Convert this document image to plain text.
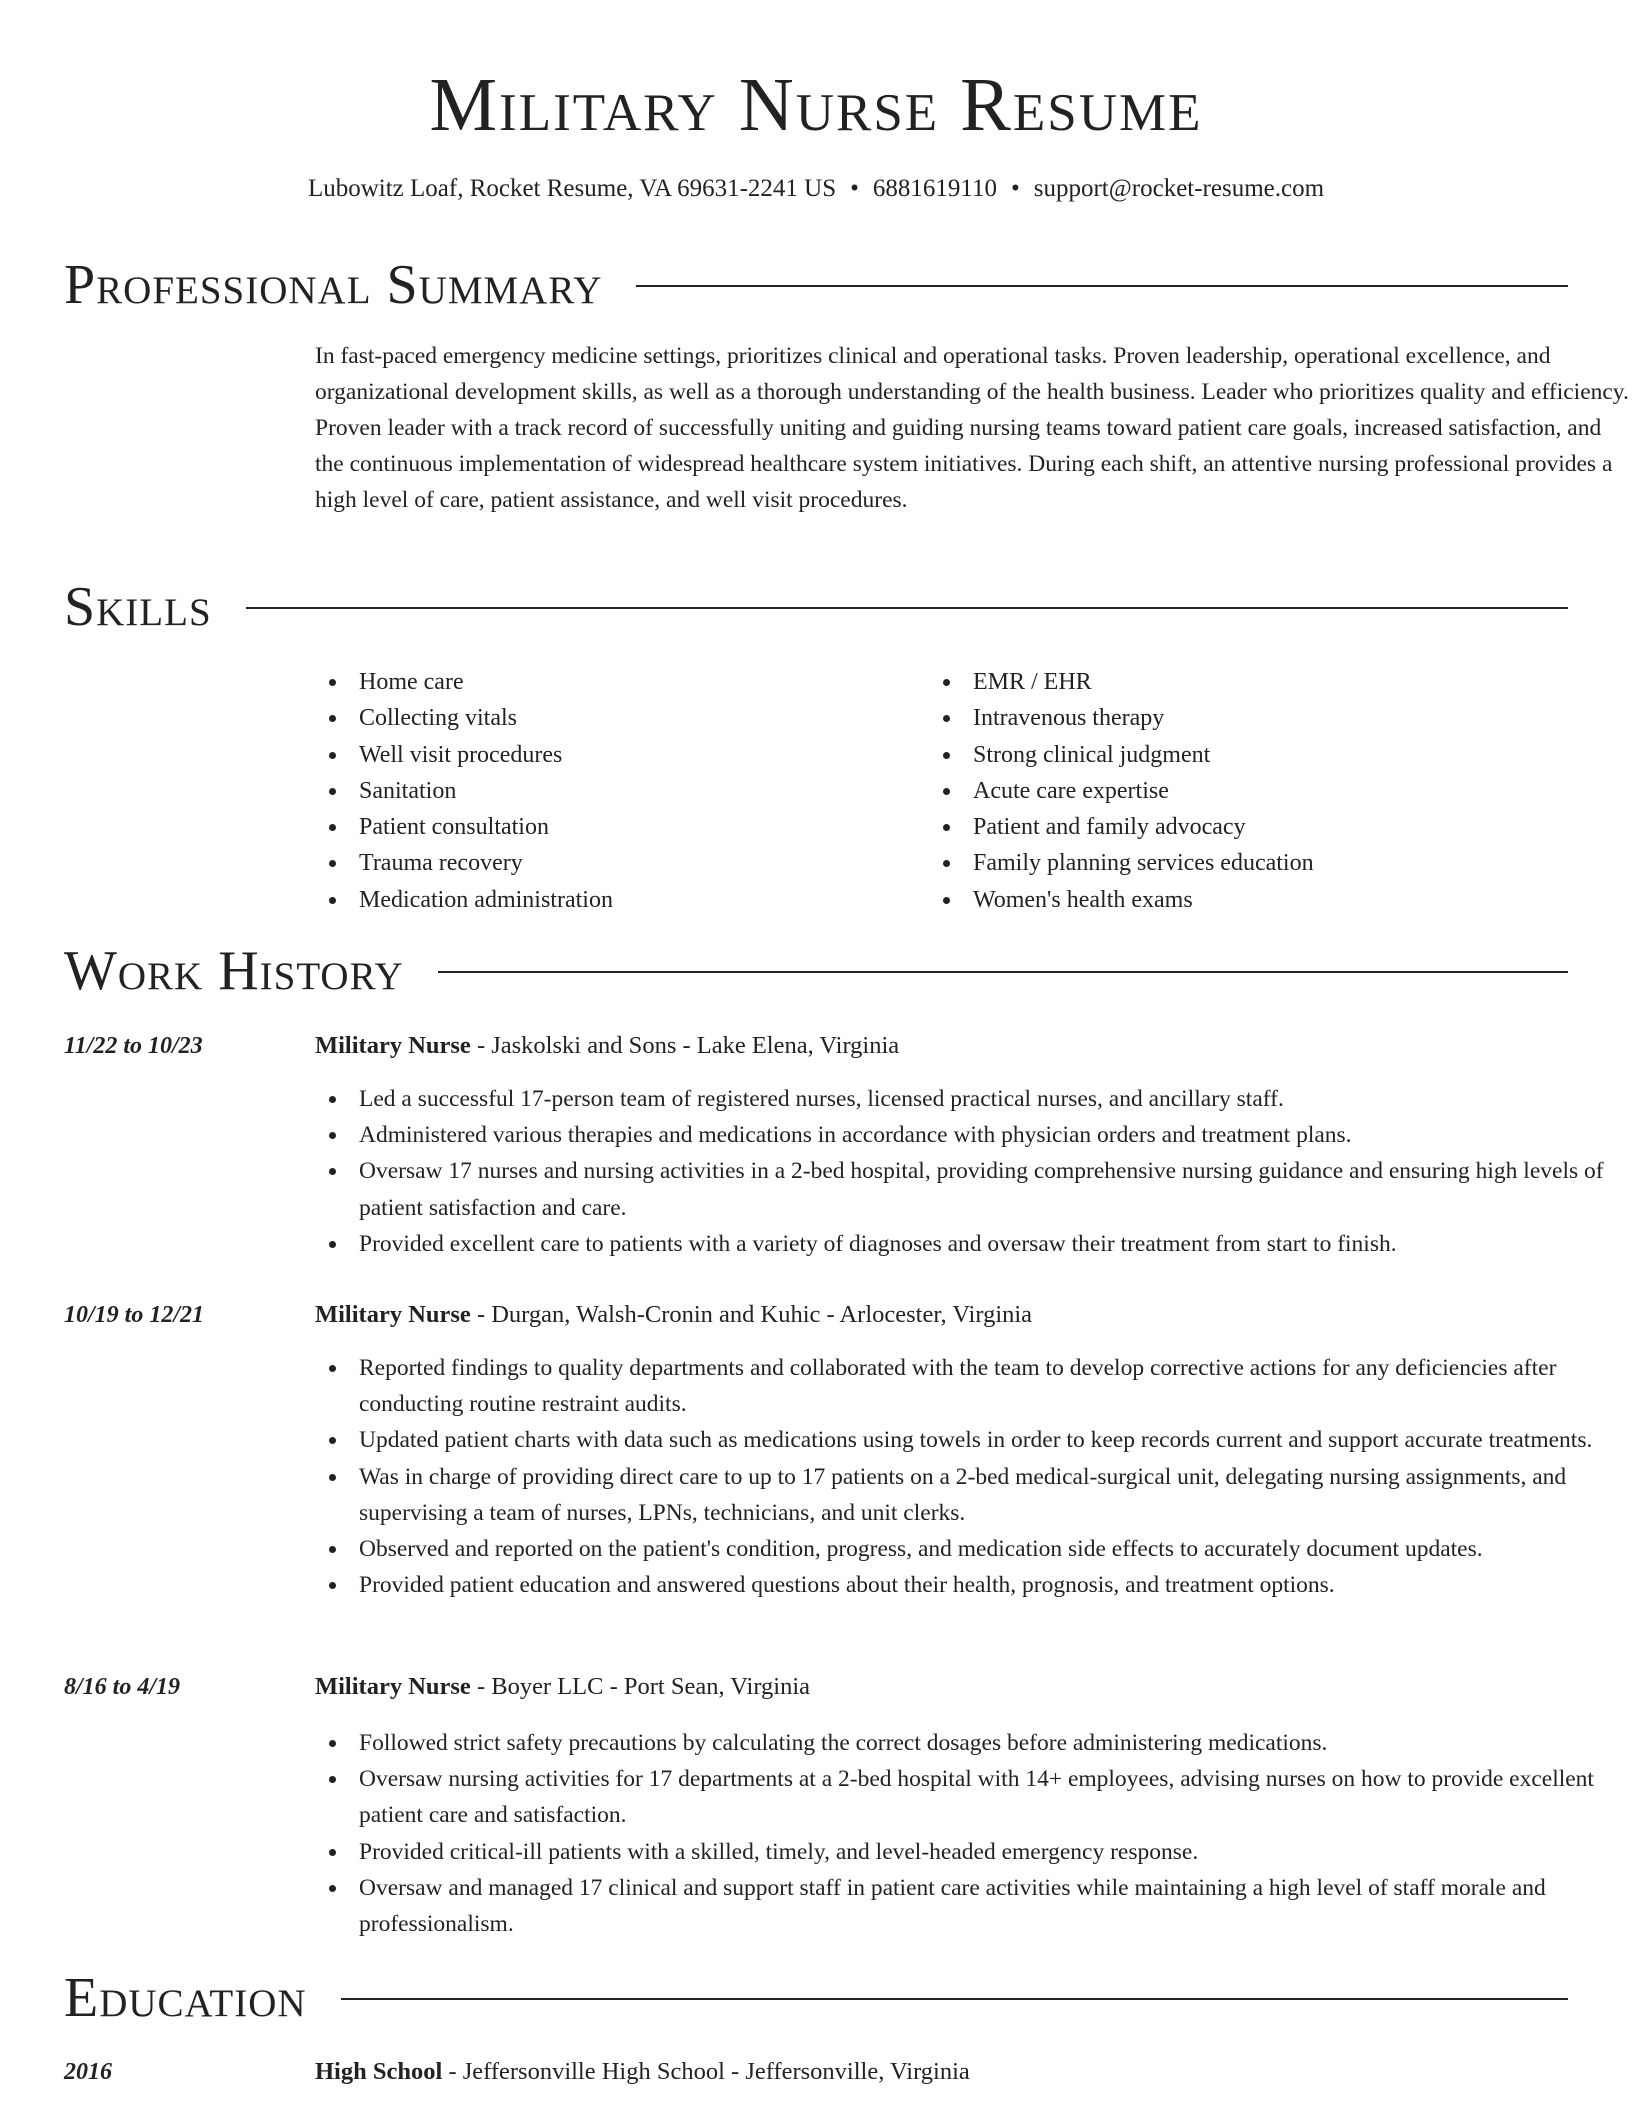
Military Nurse Resume
Lubowitz Loaf, Rocket Resume, VA 69631-2241 US • 6881619110 • support@rocket-resume.com
Professional Summary

In fast-paced emergency medicine settings, prioritizes clinical and operational tasks. Proven leadership, operational excellence, and organizational development skills, as well as a thorough understanding of the health business. Leader who prioritizes quality and efficiency. Proven leader with a track record of successfully uniting and guiding nursing teams toward patient care goals, increased satisfaction, and the continuous implementation of widespread healthcare system initiatives. During each shift, an attentive nursing professional provides a high level of care, patient assistance, and well visit procedures.

Skills
Home care
Collecting vitals
Well visit procedures
Sanitation
Patient consultation
Trauma recovery
Medication administration
EMR / EHR
Intravenous therapy
Strong clinical judgment
Acute care expertise
Patient and family advocacy
Family planning services education
Women's health exams
Work History
11/22 to 10/23	Military Nurse - Jaskolski and Sons - Lake Elena, Virginia
Led a successful 17-person team of registered nurses, licensed practical nurses, and ancillary staff.
Administered various therapies and medications in accordance with physician orders and treatment plans.
Oversaw 17 nurses and nursing activities in a 2-bed hospital, providing comprehensive nursing guidance and ensuring high levels of patient satisfaction and care.
Provided excellent care to patients with a variety of diagnoses and oversaw their treatment from start to finish.
10/19 to 12/21	Military Nurse - Durgan, Walsh-Cronin and Kuhic - Arlocester, Virginia
Reported findings to quality departments and collaborated with the team to develop corrective actions for any deficiencies after conducting routine restraint audits.
Updated patient charts with data such as medications using towels in order to keep records current and support accurate treatments.
Was in charge of providing direct care to up to 17 patients on a 2-bed medical-surgical unit, delegating nursing assignments, and supervising a team of nurses, LPNs, technicians, and unit clerks.
Observed and reported on the patient's condition, progress, and medication side effects to accurately document updates.
Provided patient education and answered questions about their health, prognosis, and treatment options.
8/16 to 4/19	Military Nurse - Boyer LLC - Port Sean, Virginia
Followed strict safety precautions by calculating the correct dosages before administering medications.
Oversaw nursing activities for 17 departments at a 2-bed hospital with 14+ employees, advising nurses on how to provide excellent patient care and satisfaction.
Provided critical-ill patients with a skilled, timely, and level-headed emergency response.
Oversaw and managed 17 clinical and support staff in patient care activities while maintaining a high level of staff morale and professionalism.
Education
2016	High School - Jeffersonville High School - Jeffersonville, Virginia
